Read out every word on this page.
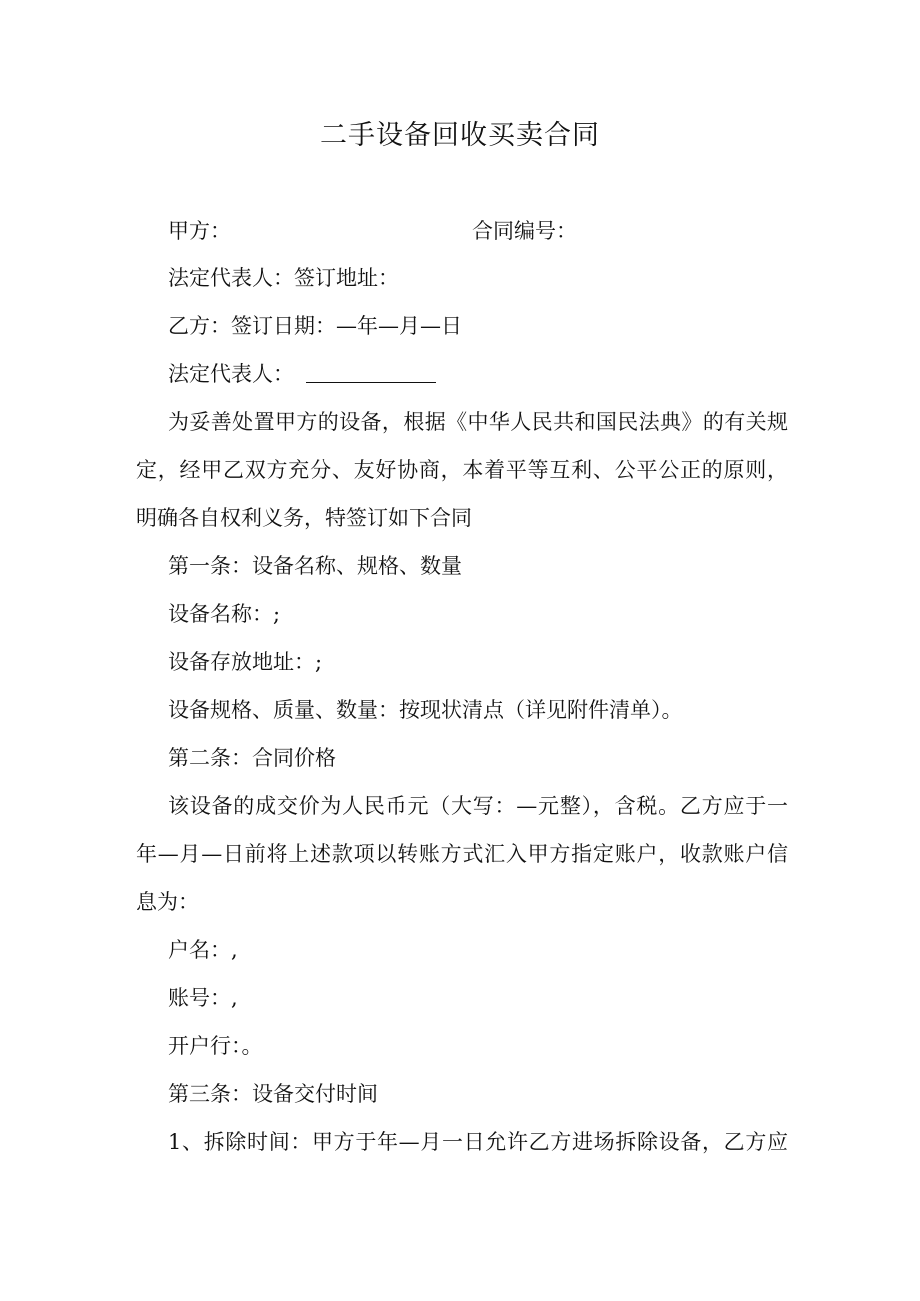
二手设备回收买卖合同
甲方：	合同编号：
法定代表人：签订地址：
乙方：签订日期：—年—月—日
法定代表人：
为妥善处置甲方的设备，根据《中华人民共和国民法典》的有关规
定，经甲乙双方充分、友好协商，本着平等互利、公平公正的原则，
明确各自权利义务，特签订如下合同
第一条：设备名称、规格、数量
设备名称：;
设备存放地址：;
设备规格、质量、数量：按现状清点（详见附件清单）。
第二条：合同价格
该设备的成交价为人民币元（大写：—元整），含税。乙方应于一
年—月—日前将上述款项以转账方式汇入甲方指定账户，收款账户信
息为：
户名：,
账号：,
开户行：。
第三条：设备交付时间
1、拆除时间：甲方于年—月一日允许乙方进场拆除设备，乙方应
